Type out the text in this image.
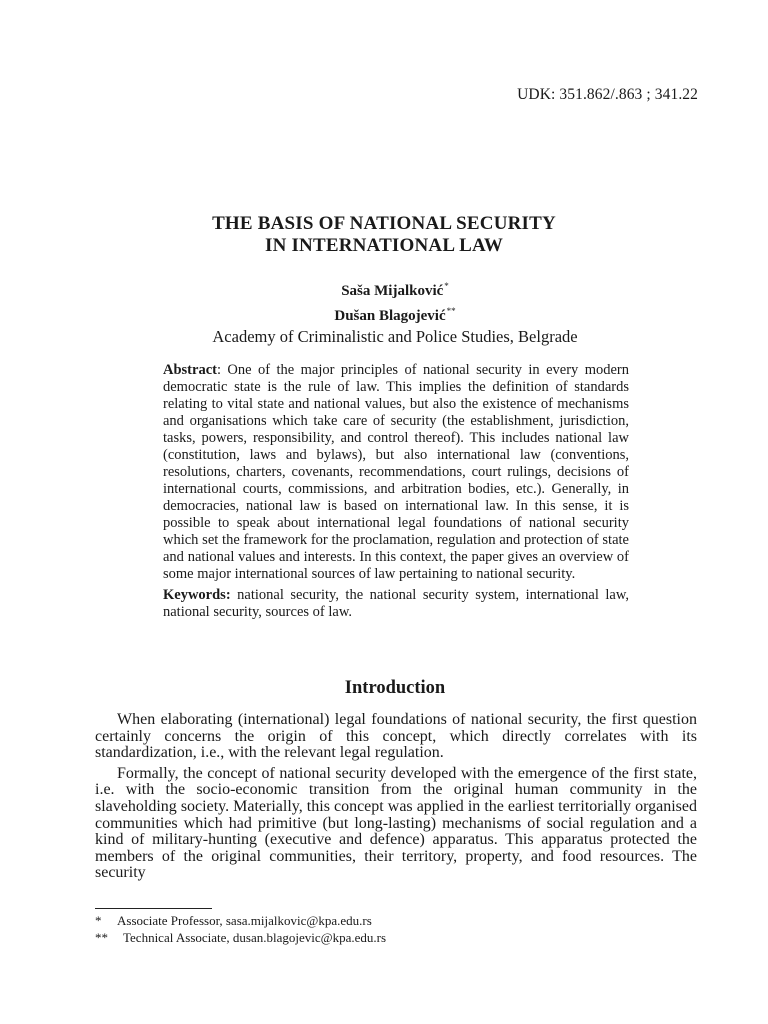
UDK: 351.862/.863 ; 341.22
THE BASIS OF NATIONAL SECURITY
IN INTERNATIONAL LAW
Saša Mijalković*
Dušan Blagojević**
Academy of Criminalistic and Police Studies, Belgrade
Abstract: One of the major principles of national security in every modern democratic state is the rule of law. This implies the definition of standards relating to vital state and national values, but also the existence of mechanisms and organisations which take care of security (the establishment, jurisdiction, tasks, powers, responsibility, and control thereof). This includes national law (constitution, laws and bylaws), but also international law (conventions, resolutions, charters, covenants, recommendations, court rulings, decisions of international courts, commissions, and arbitration bodies, etc.). Generally, in democracies, national law is based on international law. In this sense, it is possible to speak about international legal foundations of national security which set the framework for the proclamation, regulation and protection of state and national values and interests. In this context, the paper gives an overview of some major international sources of law pertaining to national security.
Keywords: national security, the national security system, international law, national security, sources of law.
Introduction

When elaborating (international) legal foundations of national security, the first question certainly concerns the origin of this concept, which directly correlates with its standardization, i.e., with the relevant legal regulation.

Formally, the concept of national security developed with the emergence of the first state, i.e. with the socio-economic transition from the original human community in the slaveholding society. Materially, this concept was applied in the earliest territorially organised communities which had primitive (but long-lasting) mechanisms of social regulation and a kind of military-hunting (executive and defence) apparatus. This apparatus protected the members of the original communities, their territory, property, and food resources. The security

*	Associate Professor, sasa.mijalkovic@kpa.edu.rs
**	Technical Associate, dusan.blagojevic@kpa.edu.rs
